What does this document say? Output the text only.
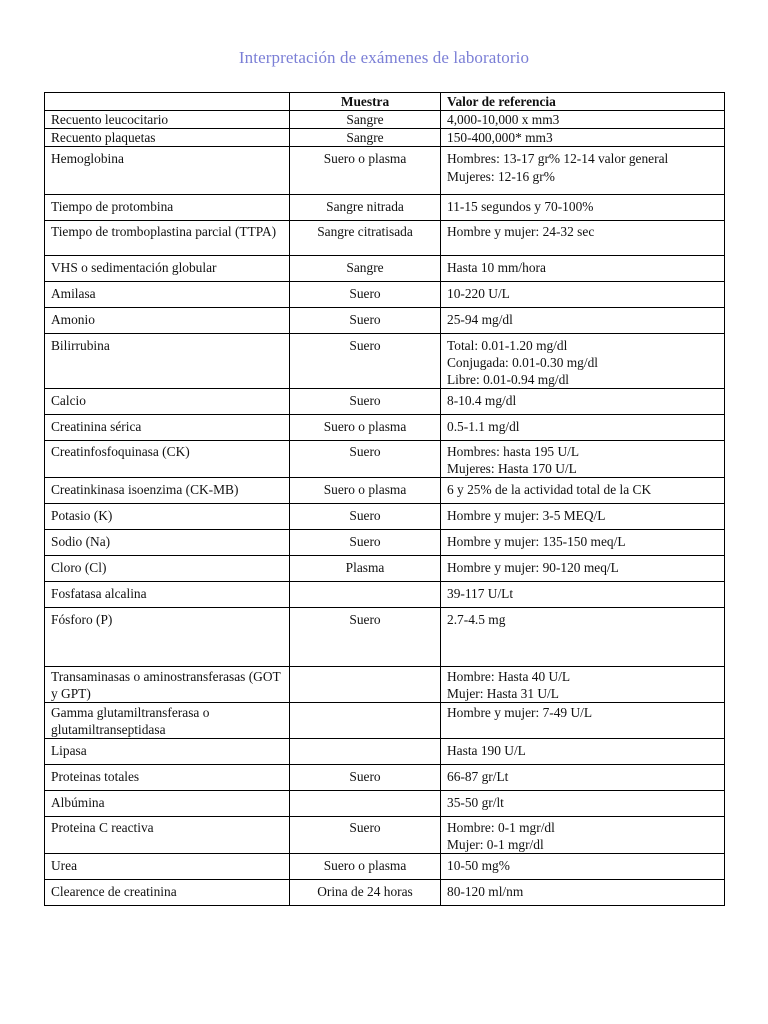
Interpretación de exámenes de laboratorio
	Muestra	Valor de referencia
Recuento leucocitario	Sangre	4,000-10,000 x mm3

Recuento plaquetas	Sangre	150-400,000* mm3

Hemoglobina	Suero o plasma	Hombres: 13-17 gr% 12-14 valor general
Mujeres: 12-16 gr%

Tiempo de protombina	Sangre nitrada	11-15 segundos y 70-100%

Tiempo de tromboplastina parcial (TTPA)	Sangre citratisada	Hombre y mujer: 24-32 sec

VHS o sedimentación globular	Sangre	Hasta 10 mm/hora

Amilasa	Suero	10-220 U/L

Amonio	Suero	25-94 mg/dl

Bilirrubina	Suero	Total: 0.01-1.20 mg/dl
Conjugada: 0.01-0.30 mg/dl
Libre: 0.01-0.94 mg/dl

Calcio	Suero	8-10.4 mg/dl

Creatinina sérica	Suero o plasma	0.5-1.1 mg/dl

Creatinfosfoquinasa (CK)	Suero	Hombres: hasta 195 U/L
Mujeres: Hasta 170 U/L

Creatinkinasa isoenzima (CK-MB)	Suero o plasma	6 y 25% de la actividad total de la CK

Potasio (K)	Suero	Hombre y mujer: 3-5 MEQ/L

Sodio (Na)	Suero	Hombre y mujer: 135-150 meq/L

Cloro (Cl)	Plasma	Hombre y mujer: 90-120 meq/L

Fosfatasa alcalina		39-117 U/Lt

Fósforo (P)	Suero	2.7-4.5 mg

Transaminasas o aminostransferasas (GOT y GPT)		Hombre: Hasta 40 U/L
Mujer: Hasta 31 U/L

Gamma glutamiltransferasa o glutamiltranseptidasa		Hombre y mujer: 7-49 U/L

Lipasa		Hasta 190 U/L

Proteinas totales	Suero	66-87 gr/Lt

Albúmina		35-50 gr/lt

Proteina C reactiva	Suero	Hombre: 0-1 mgr/dl
Mujer: 0-1 mgr/dl

Urea	Suero o plasma	10-50 mg%

Clearence de creatinina	Orina de 24 horas	80-120 ml/nm
